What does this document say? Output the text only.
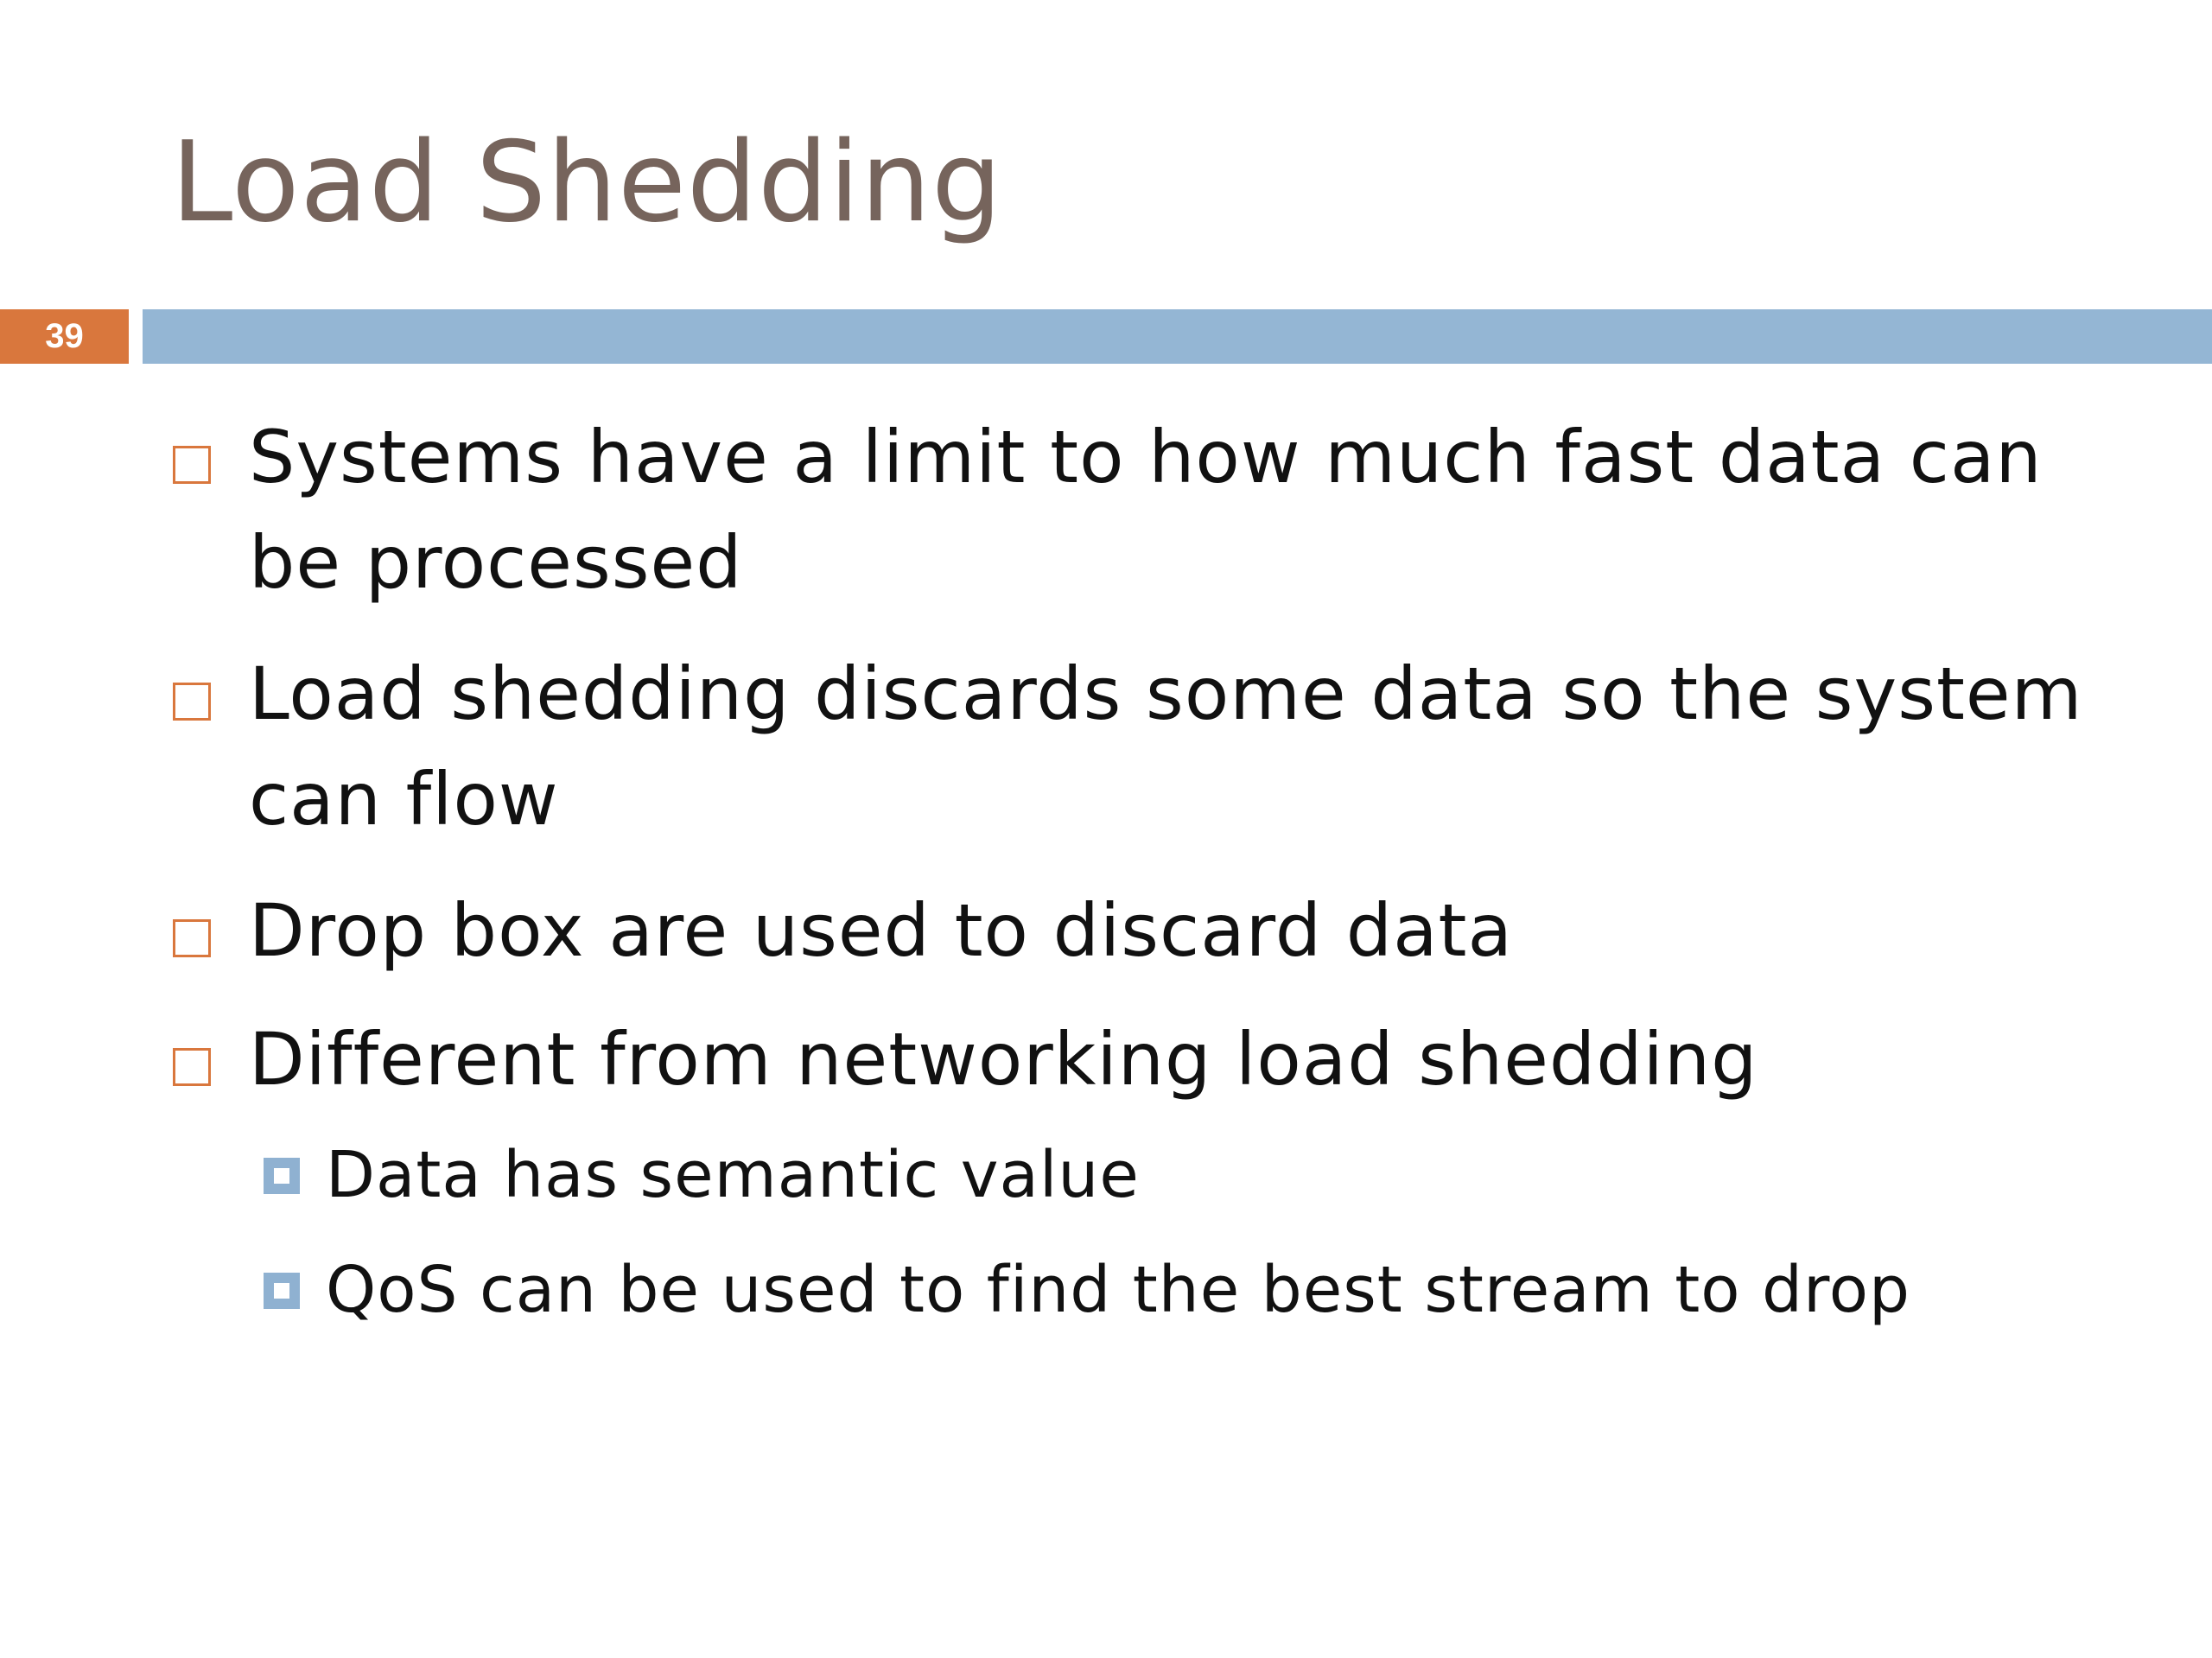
Load Shedding
39
Systems have a limit to how much fast data can be processed
Load shedding discards some data so the system can flow
Drop box are used to discard data
Different from networking load shedding
Data has semantic value
QoS can be used to find the best stream to drop
